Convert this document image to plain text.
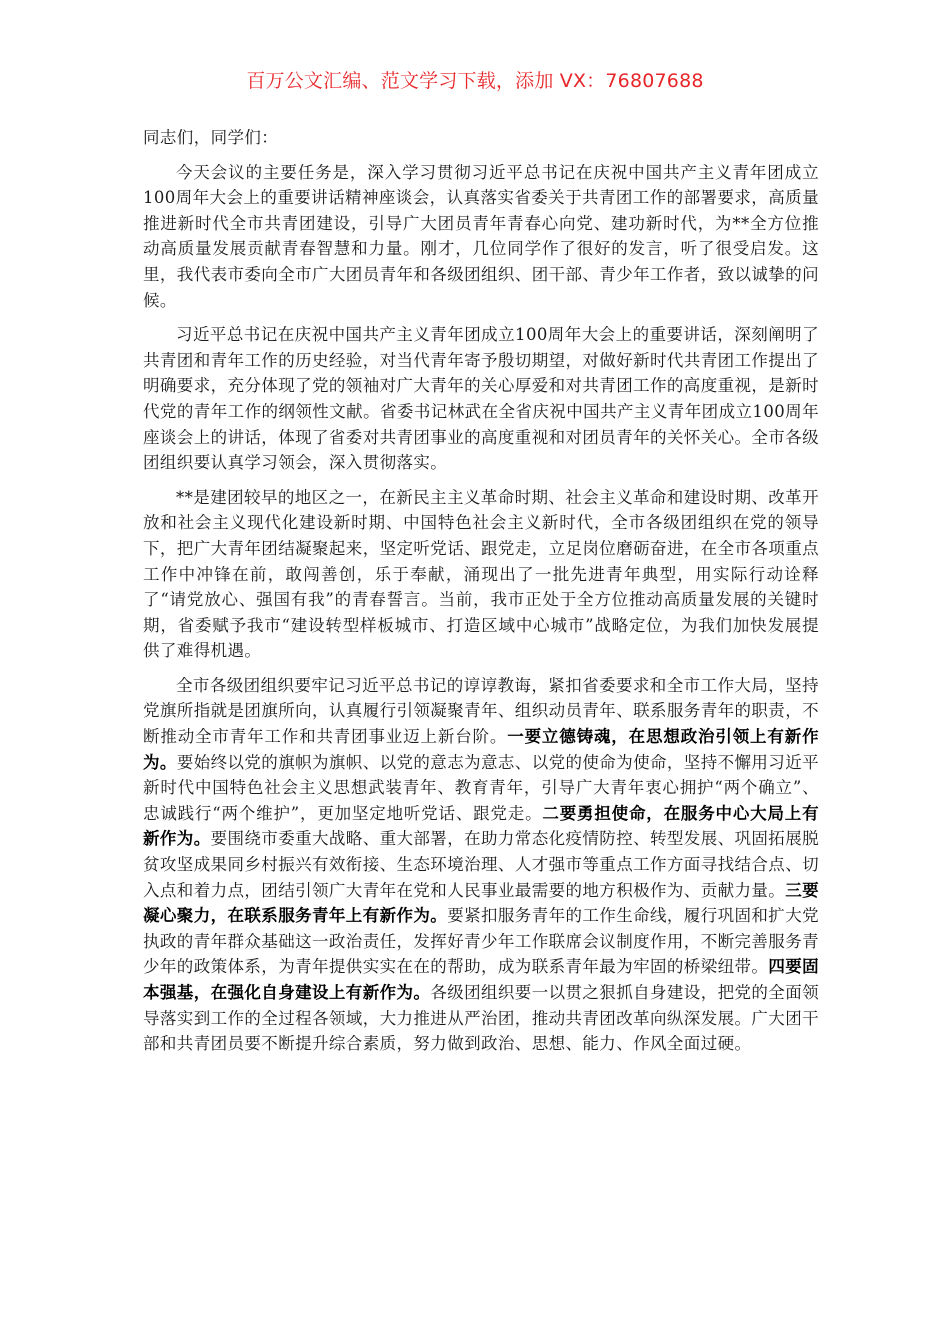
百万公文汇编、范文学习下载，添加 VX：76807688

同志们，同学们：

今天会议的主要任务是，深入学习贯彻习近平总书记在庆祝中国共产主义青年团成立100周年大会上的重要讲话精神座谈会，认真落实省委关于共青团工作的部署要求，高质量推进新时代全市共青团建设，引导广大团员青年青春心向党、建功新时代，为**全方位推动高质量发展贡献青春智慧和力量。刚才，几位同学作了很好的发言，听了很受启发。这里，我代表市委向全市广大团员青年和各级团组织、团干部、青少年工作者，致以诚挚的问候。

习近平总书记在庆祝中国共产主义青年团成立100周年大会上的重要讲话，深刻阐明了共青团和青年工作的历史经验，对当代青年寄予殷切期望，对做好新时代共青团工作提出了明确要求，充分体现了党的领袖对广大青年的关心厚爱和对共青团工作的高度重视，是新时代党的青年工作的纲领性文献。省委书记林武在全省庆祝中国共产主义青年团成立100周年座谈会上的讲话，体现了省委对共青团事业的高度重视和对团员青年的关怀关心。全市各级团组织要认真学习领会，深入贯彻落实。

**是建团较早的地区之一，在新民主主义革命时期、社会主义革命和建设时期、改革开放和社会主义现代化建设新时期、中国特色社会主义新时代，全市各级团组织在党的领导下，把广大青年团结凝聚起来，坚定听党话、跟党走，立足岗位磨砺奋进，在全市各项重点工作中冲锋在前，敢闯善创，乐于奉献，涌现出了一批先进青年典型，用实际行动诠释了“请党放心、强国有我”的青春誓言。当前，我市正处于全方位推动高质量发展的关键时期，省委赋予我市“建设转型样板城市、打造区域中心城市”战略定位，为我们加快发展提供了难得机遇。

全市各级团组织要牢记习近平总书记的谆谆教诲，紧扣省委要求和全市工作大局，坚持党旗所指就是团旗所向，认真履行引领凝聚青年、组织动员青年、联系服务青年的职责，不断推动全市青年工作和共青团事业迈上新台阶。一要立德铸魂，在思想政治引领上有新作为。要始终以党的旗帜为旗帜、以党的意志为意志、以党的使命为使命，坚持不懈用习近平新时代中国特色社会主义思想武装青年、教育青年，引导广大青年衷心拥护“两个确立”、忠诚践行“两个维护”，更加坚定地听党话、跟党走。二要勇担使命，在服务中心大局上有新作为。要围绕市委重大战略、重大部署，在助力常态化疫情防控、转型发展、巩固拓展脱贫攻坚成果同乡村振兴有效衔接、生态环境治理、人才强市等重点工作方面寻找结合点、切入点和着力点，团结引领广大青年在党和人民事业最需要的地方积极作为、贡献力量。三要凝心聚力，在联系服务青年上有新作为。要紧扣服务青年的工作生命线，履行巩固和扩大党执政的青年群众基础这一政治责任，发挥好青少年工作联席会议制度作用，不断完善服务青少年的政策体系，为青年提供实实在在的帮助，成为联系青年最为牢固的桥梁纽带。四要固本强基，在强化自身建设上有新作为。各级团组织要一以贯之狠抓自身建设，把党的全面领导落实到工作的全过程各领域，大力推进从严治团，推动共青团改革向纵深发展。广大团干部和共青团员要不断提升综合素质，努力做到政治、思想、能力、作风全面过硬。
